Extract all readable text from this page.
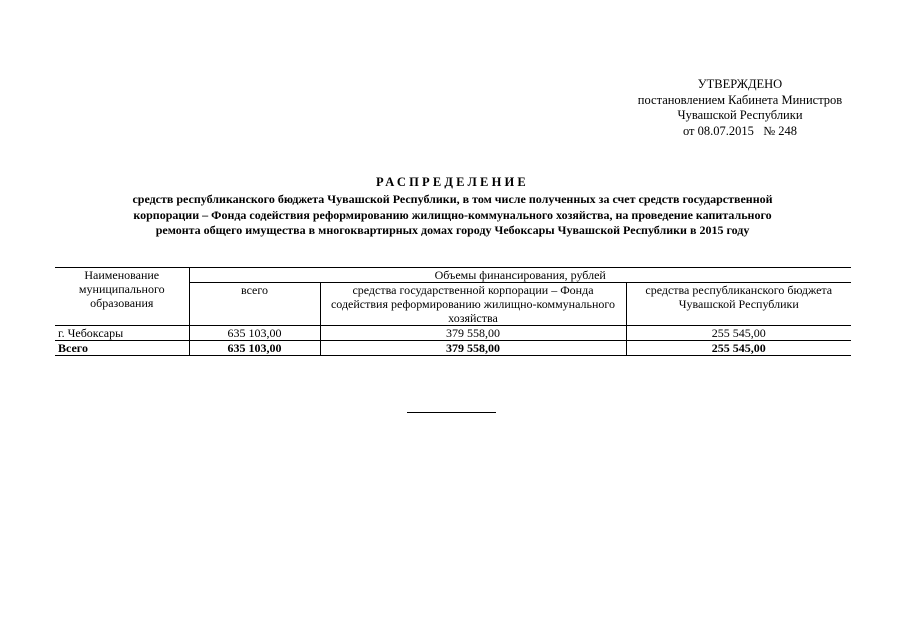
УТВЕРЖДЕНО
постановлением Кабинета Министров
Чувашской Республики
от 08.07.2015   № 248
РАСПРЕДЕЛЕНИЕ
средств республиканского бюджета Чувашской Республики, в том числе полученных за счет средств государственной
корпорации – Фонда содействия реформированию жилищно-коммунального хозяйства, на проведение капитального
ремонта общего имущества в многоквартирных домах городу Чебоксары Чувашской Республики в 2015 году
Наименование муниципального образования	Объемы финансирования, рублей		
	всего	средства государственной корпорации – Фонда содействия реформированию жилищно-коммунального хозяйства	средства республиканского бюджета Чувашской Республики
г. Чебоксары	635 103,00	379 558,00	255 545,00
Всего	635 103,00	379 558,00	255 545,00
